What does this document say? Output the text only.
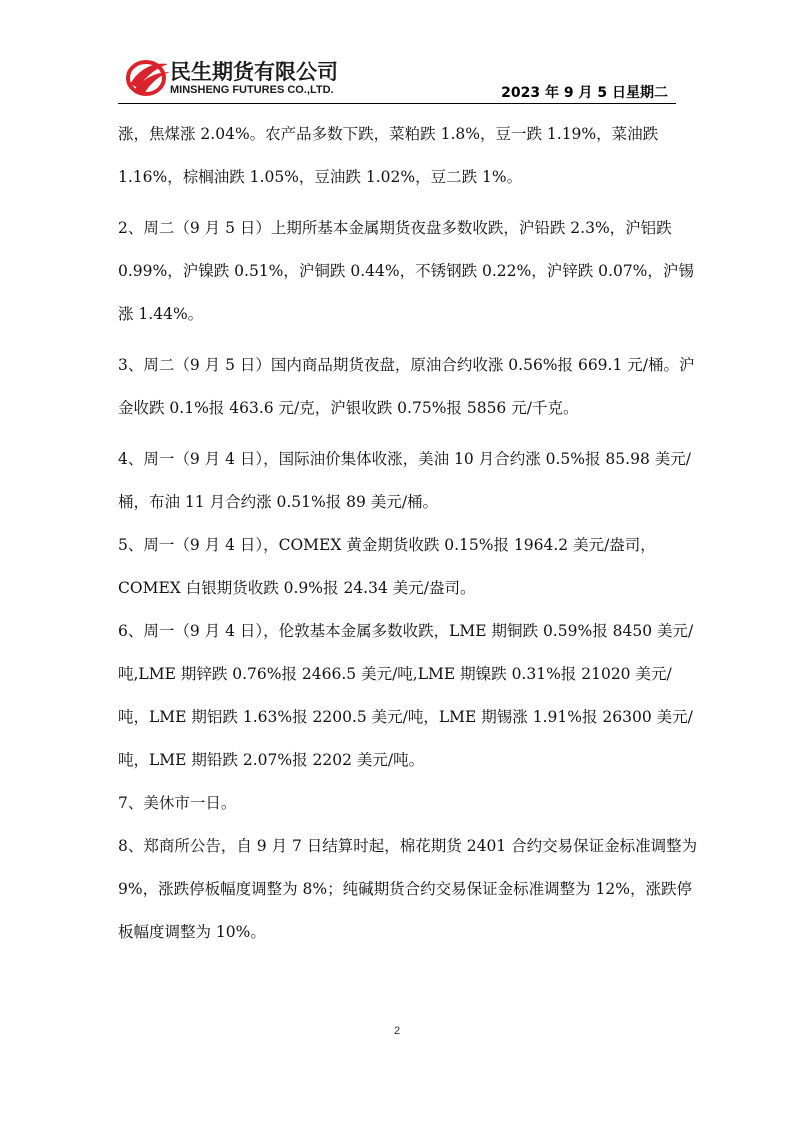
民生期货有限公司
MINSHENG FUTURES CO.,LTD.	2023 年 9 月 5 日星期二

涨，焦煤涨 2.04%。农产品多数下跌，菜粕跌 1.8%，豆一跌 1.19%，菜油跌 1.16%，棕榈油跌 1.05%，豆油跌 1.02%，豆二跌 1%。

2、周二（9 月 5 日）上期所基本金属期货夜盘多数收跌，沪铅跌 2.3%，沪铝跌 0.99%，沪镍跌 0.51%，沪铜跌 0.44%，不锈钢跌 0.22%，沪锌跌 0.07%，沪锡涨 1.44%。

3、周二（9 月 5 日）国内商品期货夜盘，原油合约收涨 0.56%报 669.1 元/桶。沪金收跌 0.1%报 463.6 元/克，沪银收跌 0.75%报 5856 元/千克。

4、周一（9 月 4 日），国际油价集体收涨，美油 10 月合约涨 0.5%报 85.98 美元/桶，布油 11 月合约涨 0.51%报 89 美元/桶。

5、周一（9 月 4 日），COMEX 黄金期货收跌 0.15%报 1964.2 美元/盎司，COMEX 白银期货收跌 0.9%报 24.34 美元/盎司。

6、周一（9 月 4 日），伦敦基本金属多数收跌，LME 期铜跌 0.59%报 8450 美元/吨,LME 期锌跌 0.76%报 2466.5 美元/吨,LME 期镍跌 0.31%报 21020 美元/吨，LME 期铝跌 1.63%报 2200.5 美元/吨，LME 期锡涨 1.91%报 26300 美元/吨，LME 期铅跌 2.07%报 2202 美元/吨。

7、美休市一日。

8、郑商所公告，自 9 月 7 日结算时起，棉花期货 2401 合约交易保证金标准调整为 9%，涨跌停板幅度调整为 8%；纯碱期货合约交易保证金标准调整为 12%，涨跌停板幅度调整为 10%。

2
